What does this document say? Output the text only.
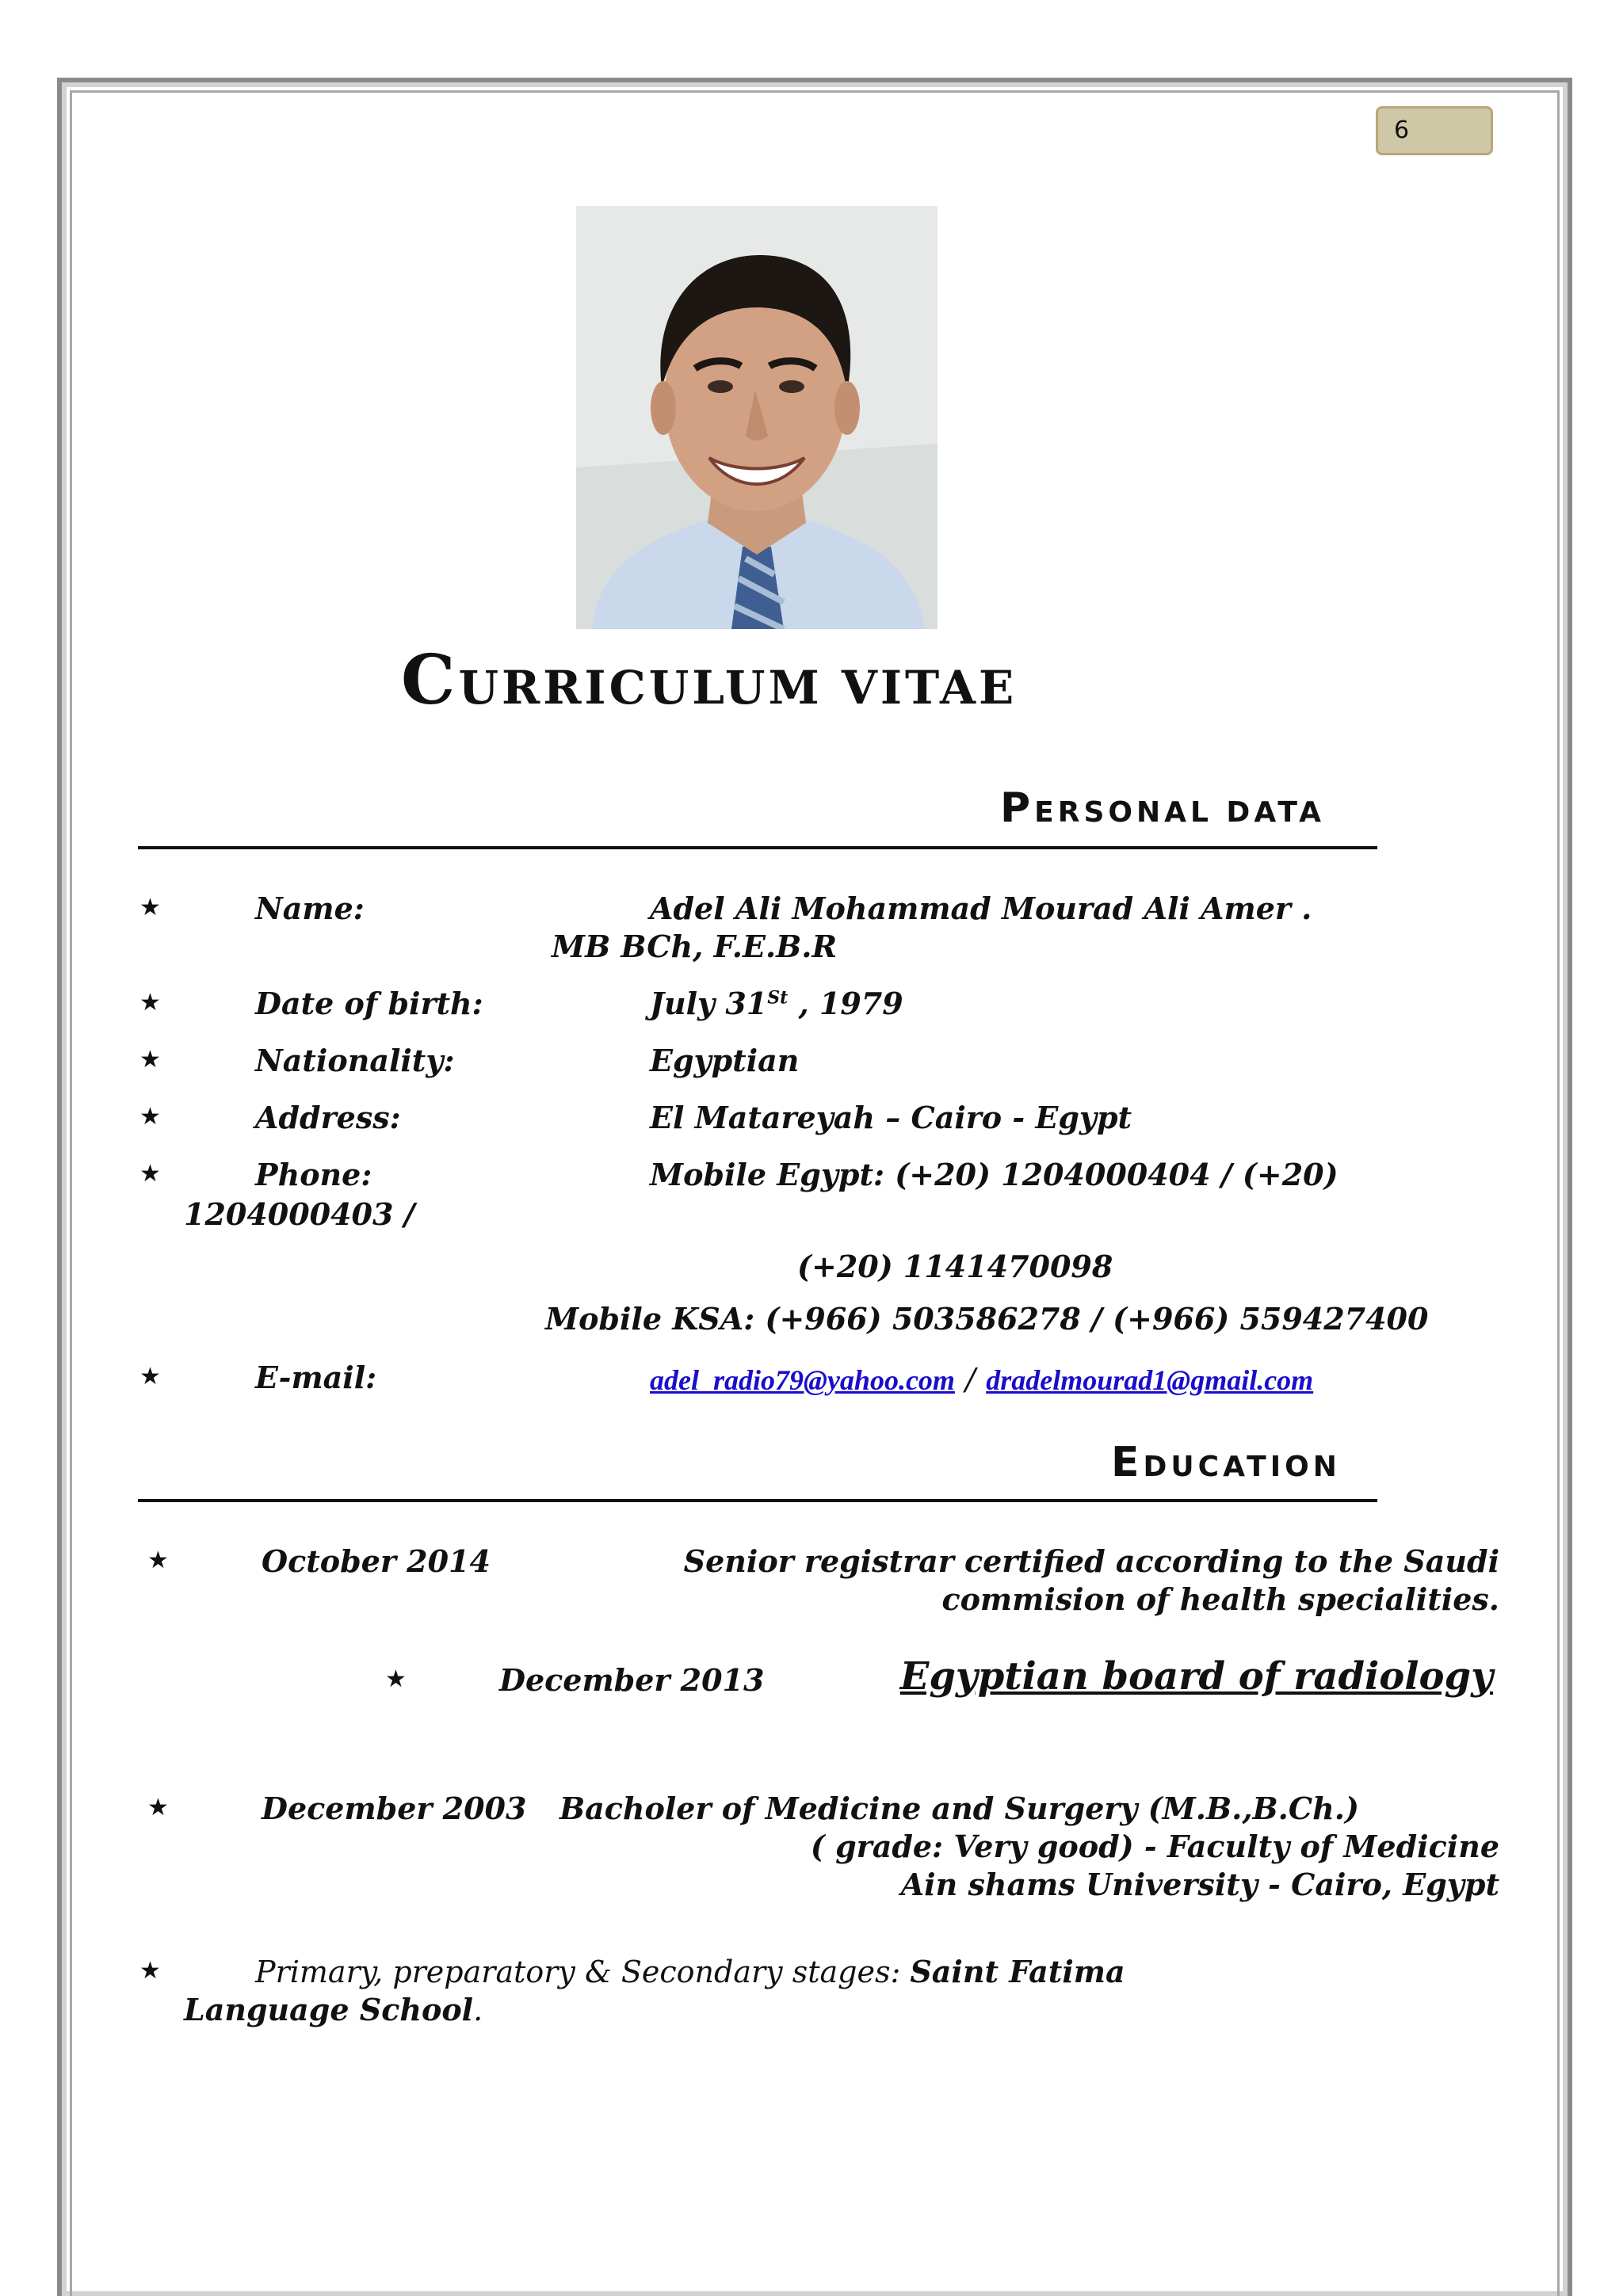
6
CURRICULUM VITAE
PERSONAL DATA
★	Name:	Adel Ali Mohammad Mourad Ali Amer .
MB BCh, F.E.B.R
★	Date of birth:	July 31St , 1979
★	Nationality:	Egyptian
★	Address:	El Matareyah – Cairo - Egypt
★	Phone:	Mobile Egypt: (+20) 1204000404 / (+20)
1204000403 /
(+20) 1141470098
Mobile KSA: (+966) 503586278 / (+966) 559427400
★	E-mail:	adel_radio79@yahoo.com / dradelmourad1@gmail.com
EDUCATION
★	October 2014	Senior registrar certified according to the Saudi
commision of health specialities.
★	December 2013	Egyptian board of radiology
★	December 2003 Bacholer of Medicine and Surgery (M.B.,B.Ch.)
( grade: Very good) - Faculty of Medicine
Ain shams University - Cairo, Egypt
★	Primary, preparatory & Secondary stages: Saint Fatima
Language School.
